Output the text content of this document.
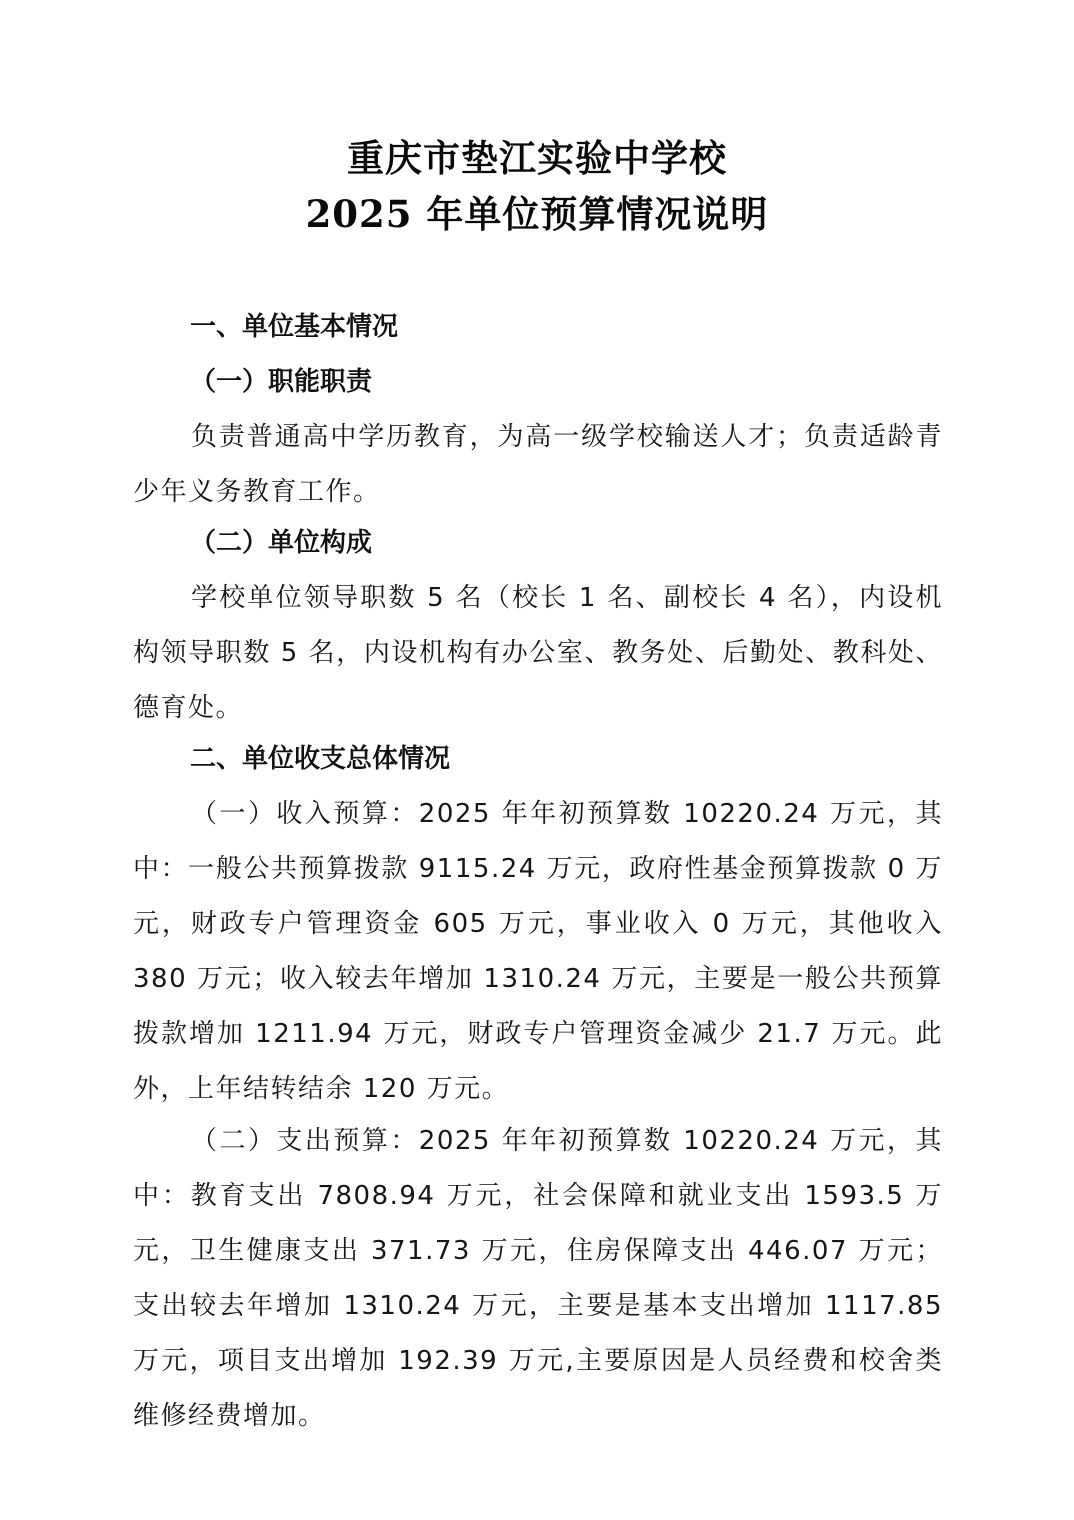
重庆市垫江实验中学校
2025 年单位预算情况说明
一、单位基本情况
（一）职能职责

负责普通高中学历教育，为高一级学校输送人才；负责适龄青少年义务教育工作。

（二）单位构成

学校单位领导职数 5 名（校长 1 名、副校长 4 名），内设机构领导职数 5 名，内设机构有办公室、教务处、后勤处、教科处、德育处。

二、单位收支总体情况

（一）收入预算：2025 年年初预算数 10220.24 万元，其中：一般公共预算拨款 9115.24 万元，政府性基金预算拨款 0 万元，财政专户管理资金 605 万元，事业收入 0 万元，其他收入 380 万元；收入较去年增加 1310.24 万元，主要是一般公共预算拨款增加 1211.94 万元，财政专户管理资金减少 21.7 万元。此外，上年结转结余 120 万元。

（二）支出预算：2025 年年初预算数 10220.24 万元，其中：教育支出 7808.94 万元，社会保障和就业支出 1593.5 万元，卫生健康支出 371.73 万元，住房保障支出 446.07 万元；支出较去年增加 1310.24 万元，主要是基本支出增加 1117.85 万元，项目支出增加 192.39 万元,主要原因是人员经费和校舍类维修经费增加。
